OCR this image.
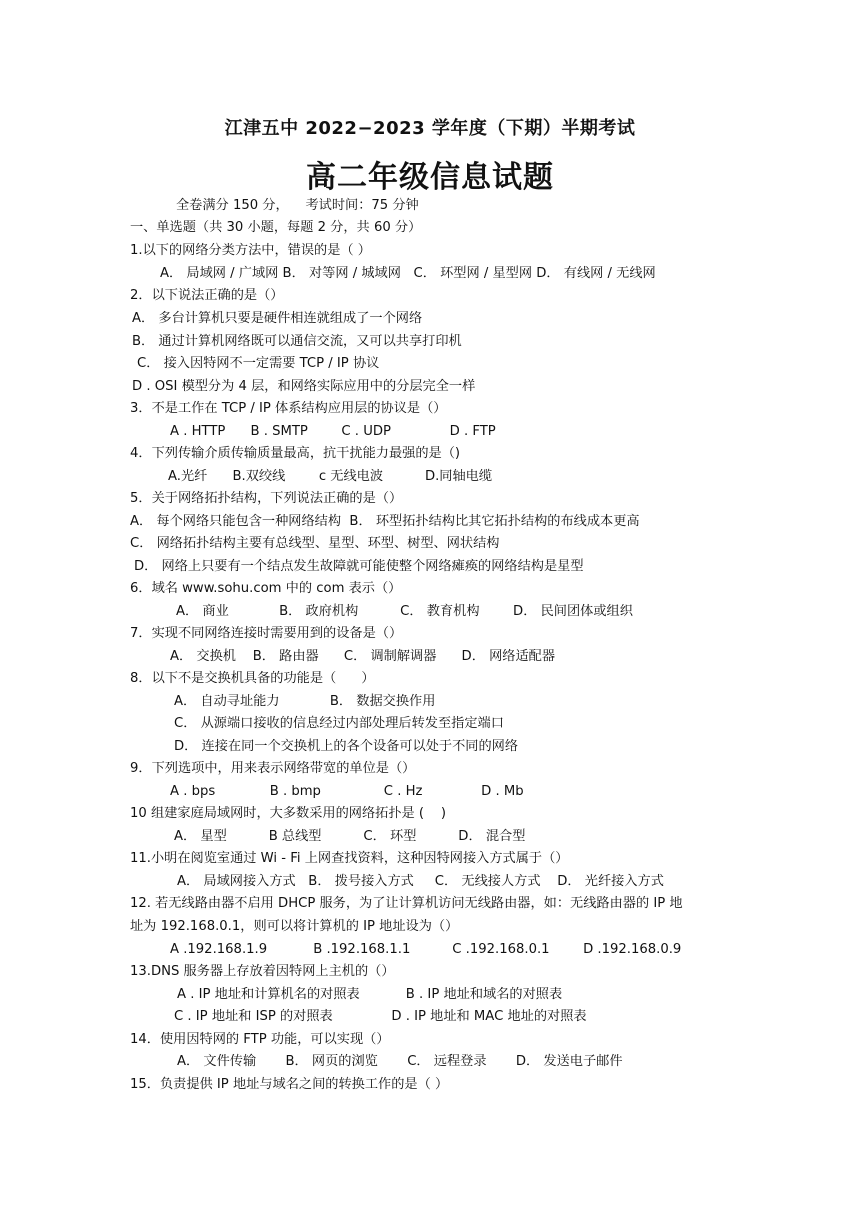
江津五中 2022−2023 学年度（下期）半期考试
高二年级信息试题
全卷满分 150 分，    考试时间：75 分钟
一、单选题（共 30 小题，每题 2 分，共 60 分）
1.以下的网络分类方法中，错误的是（ ）
A． 局域网 / 广域网 B． 对等网 / 城域网   C． 环型网 / 星型网 D． 有线网 / 无线网
2．以下说法正确的是（）
A． 多台计算机只要是硬件相连就组成了一个网络
B． 通过计算机网络既可以通信交流，又可以共享打印机
C． 接入因特网不一定需要 TCP / IP 协议
D . OSI 模型分为 4 层，和网络实际应用中的分层完全一样
3．不是工作在 TCP / IP 体系结构应用层的协议是（）
A . HTTP      B . SMTP        C . UDP              D . FTP
4．下列传输介质传输质量最高，抗干扰能力最强的是（)
A.光纤      B.双绞线        c 无线电波          D.同轴电缆
5．关于网络拓扑结构，下列说法正确的是（）
A． 每个网络只能包含一种网络结构  B． 环型拓扑结构比其它拓扑结构的布线成本更高
C． 网络拓扑结构主要有总线型、星型、环型、树型、网状结构
D． 网络上只要有一个结点发生故障就可能使整个网络瘫痪的网络结构是星型
6．域名 www.sohu.com 中的 com 表示（）
A． 商业            B． 政府机构          C． 教育机构        D． 民间团体或组织
7．实现不同网络连接时需要用到的设备是（）
A． 交换机    B． 路由器      C． 调制解调器      D． 网络适配器
8．以下不是交换机具备的功能是（      ）
A． 自动寻址能力            B． 数据交换作用
C． 从源端口接收的信息经过内部处理后转发至指定端口
D． 连接在同一个交换机上的各个设备可以处于不同的网络
9．下列选项中，用来表示网络带宽的单位是（）
A . bps             B . bmp               C . Hz              D . Mb
10 组建家庭局域网时，大多数采用的网络拓扑是 (    )
A． 星型          B 总线型          C． 环型          D． 混合型
11.小明在阅览室通过 Wi - Fi 上网查找资料，这种因特网接入方式属于（）
A． 局域网接入方式   B． 拨号接入方式     C． 无线接人方式    D． 光纤接入方式
12. 若无线路由器不启用 DHCP 服务，为了让计算机访问无线路由器，如：无线路由器的 IP 地
址为 192.168.0.1，则可以将计算机的 IP 地址设为（）
A .192.168.1.9           B .192.168.1.1          C .192.168.0.1        D .192.168.0.9
13.DNS 服务器上存放着因特网上主机的（）
A . IP 地址和计算机名的对照表           B . IP 地址和域名的对照表
C . IP 地址和 ISP 的对照表              D . IP 地址和 MAC 地址的对照表
14．使用因特网的 FTP 功能，可以实现（）
A． 文件传输       B． 网页的浏览       C． 远程登录       D． 发送电子邮件
15．负责提供 IP 地址与域名之间的转换工作的是（ ）
